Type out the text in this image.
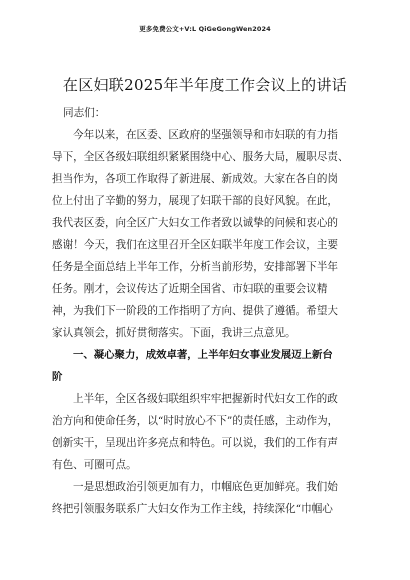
更多免费公文+V:L QiGeGongWen2024
在区妇联2025年半年度工作会议上的讲话

同志们：

今年以来，在区委、区政府的坚强领导和市妇联的有力指

导下，全区各级妇联组织紧紧围绕中心、服务大局，履职尽责、

担当作为，各项工作取得了新进展、新成效。大家在各自的岗

位上付出了辛勤的努力，展现了妇联干部的良好风貌。在此，

我代表区委，向全区广大妇女工作者致以诚挚的问候和衷心的

感谢！今天，我们在这里召开全区妇联半年度工作会议，主要

任务是全面总结上半年工作，分析当前形势，安排部署下半年

任务。刚才，会议传达了近期全国省、市妇联的重要会议精

神，为我们下一阶段的工作指明了方向、提供了遵循。希望大

家认真领会，抓好贯彻落实。下面，我讲三点意见。

一、凝心聚力，成效卓著，上半年妇女事业发展迈上新台

阶

上半年，全区各级妇联组织牢牢把握新时代妇女工作的政

治方向和使命任务，以“时时放心不下”的责任感，主动作为，

创新实干，呈现出许多亮点和特色。可以说，我们的工作有声

有色、可圈可点。

一是思想政治引领更加有力，巾帼底色更加鲜亮。我们始

终把引领服务联系广大妇女作为工作主线，持续深化“巾帼心
